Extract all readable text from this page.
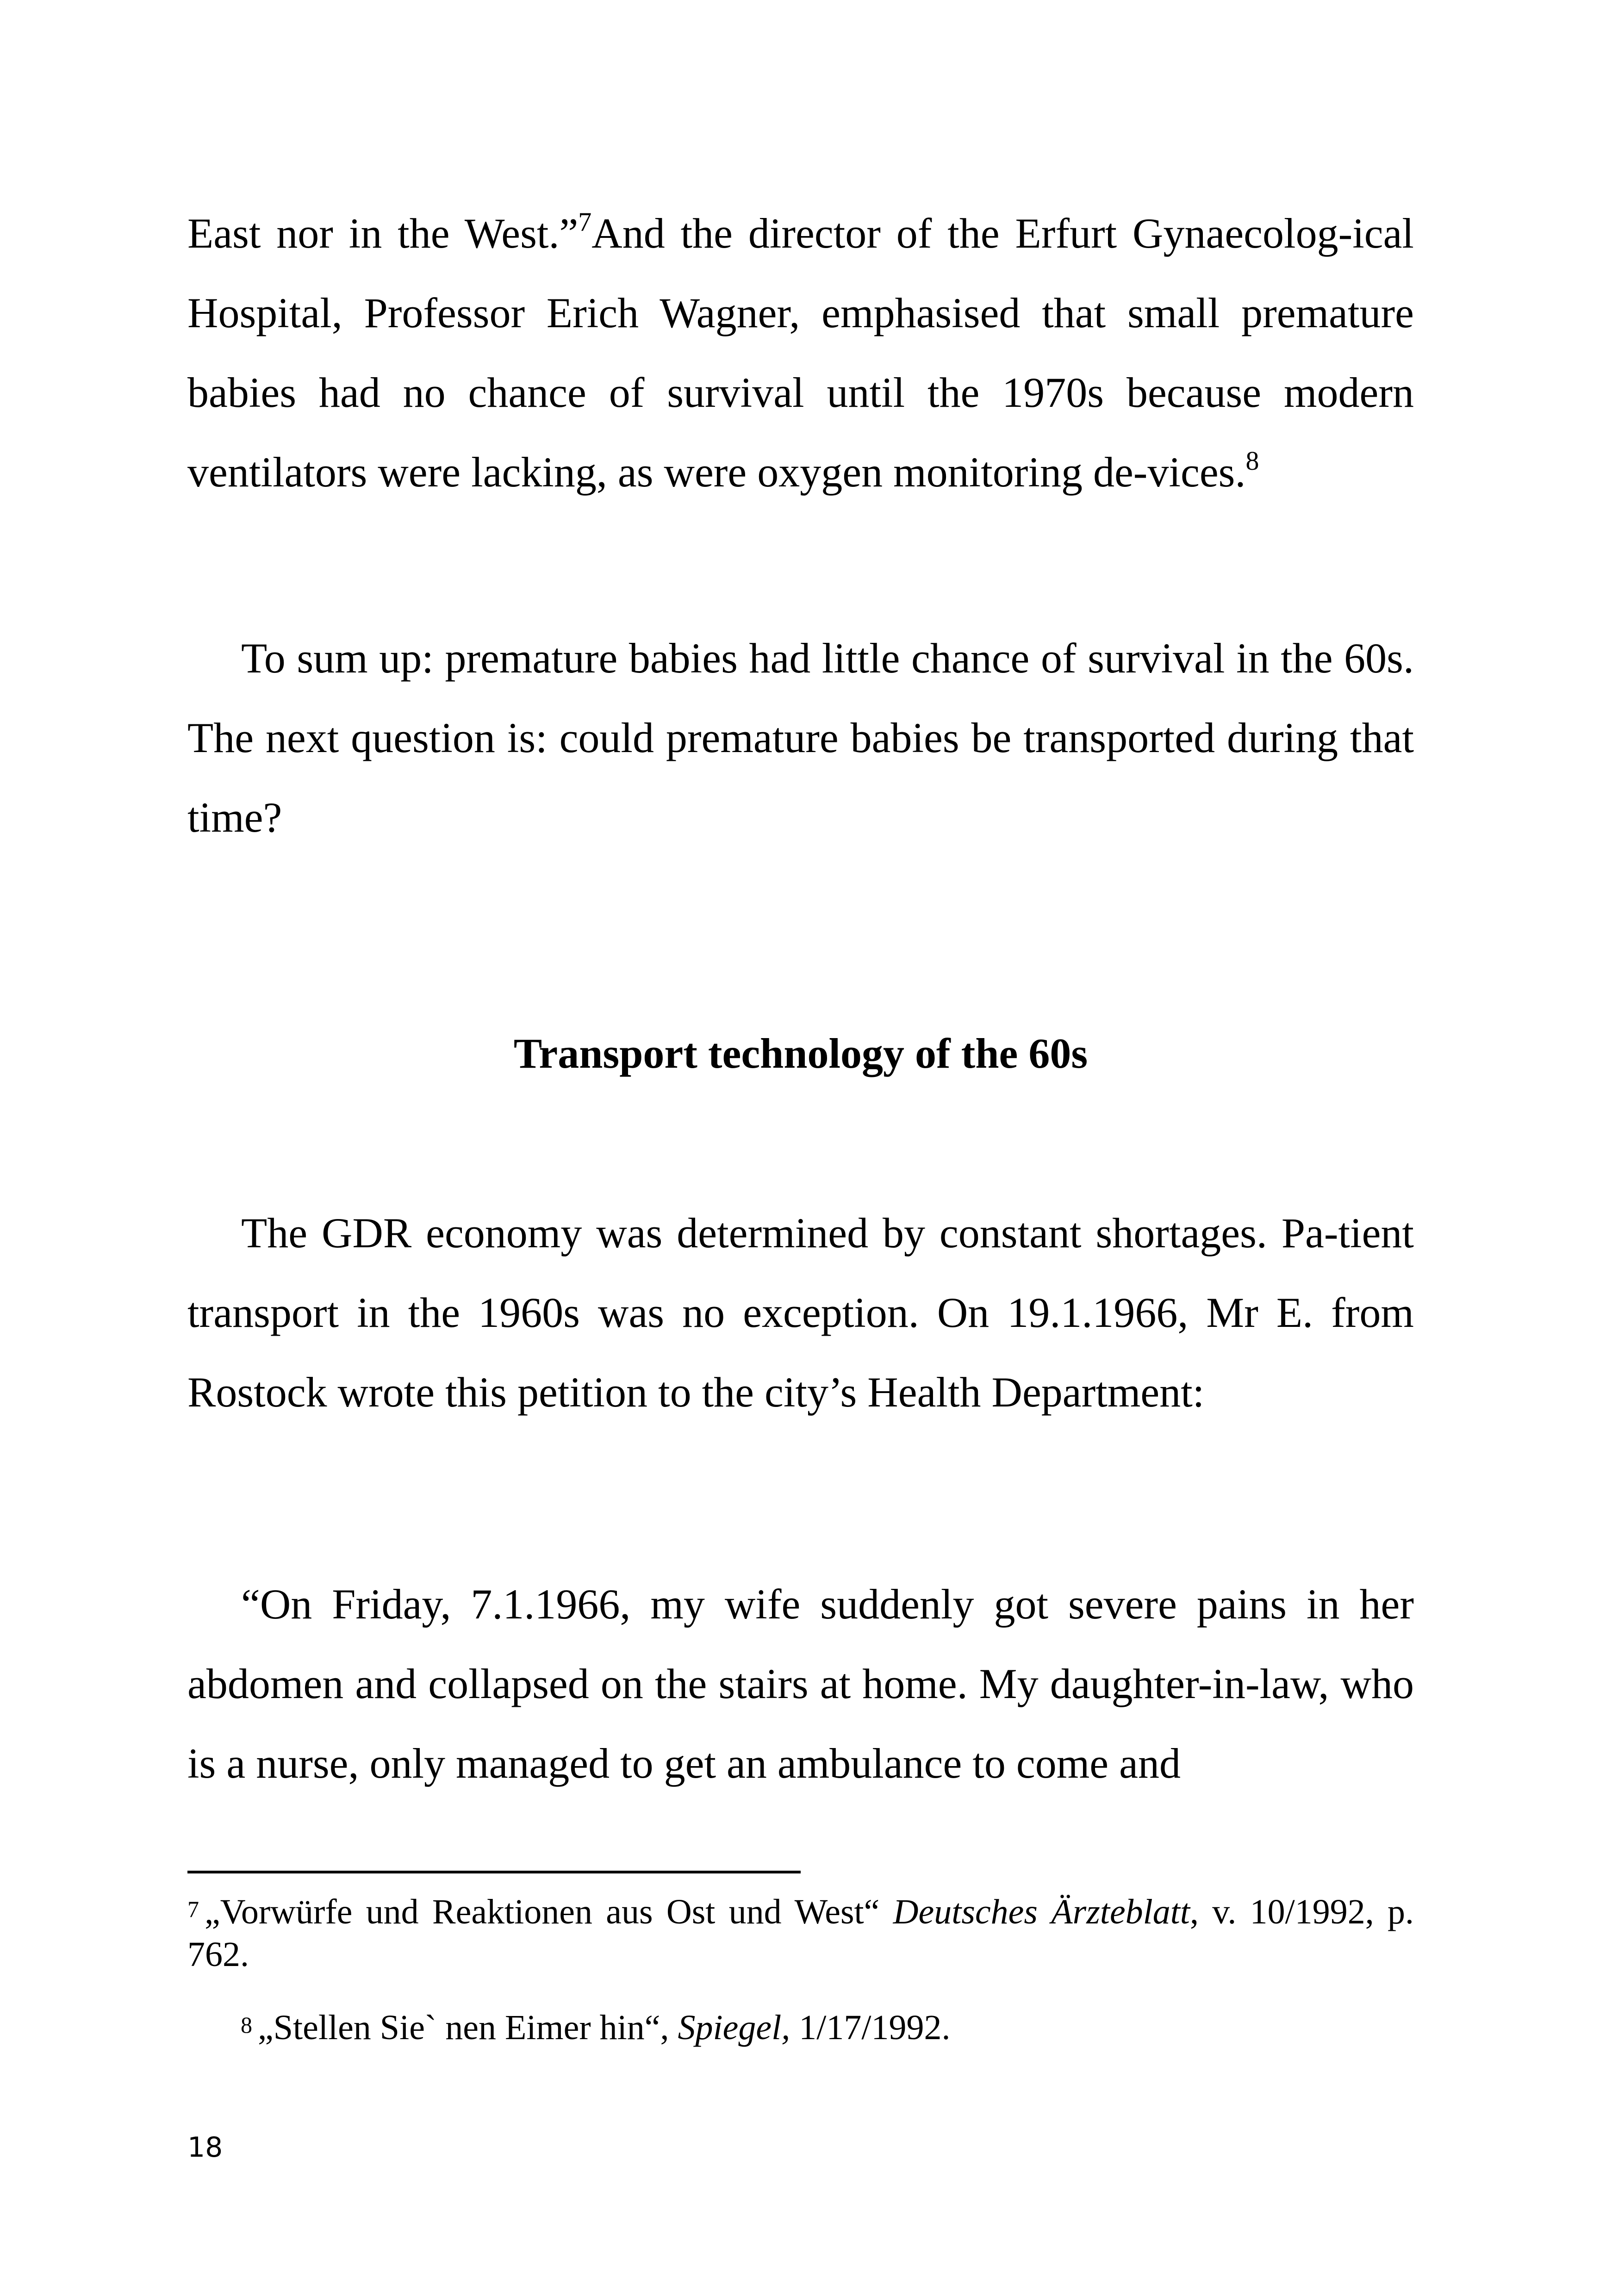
East nor in the West.”$^7$And the director of the Erfurt Gynaecolog-ical Hospital, Professor Erich Wagner, emphasised that small premature babies had no chance of survival until the 1970s because modern ventilators were lacking, as were oxygen monitoring de-vices.$^8$

To sum up: premature babies had little chance of survival in the 60s. The next question is: could premature babies be transported during that time?

Transport technology of the 60s

The GDR economy was determined by constant shortages. Pa-tient transport in the 1960s was no exception. On 19.1.1966, Mr E. from Rostock wrote this petition to the city’s Health Department:

“On Friday, 7.1.1966, my wife suddenly got severe pains in her abdomen and collapsed on the stairs at home. My daughter-in-law, who is a nurse, only managed to get an ambulance to come and

$^7$ „Vorwürfe und Reaktionen aus Ost und West“ Deutsches Ärzteblatt, v. 10/1992, p. 762.

$^8$ „Stellen Sie` nen Eimer hin“, Spiegel, 1/17/1992.

18
